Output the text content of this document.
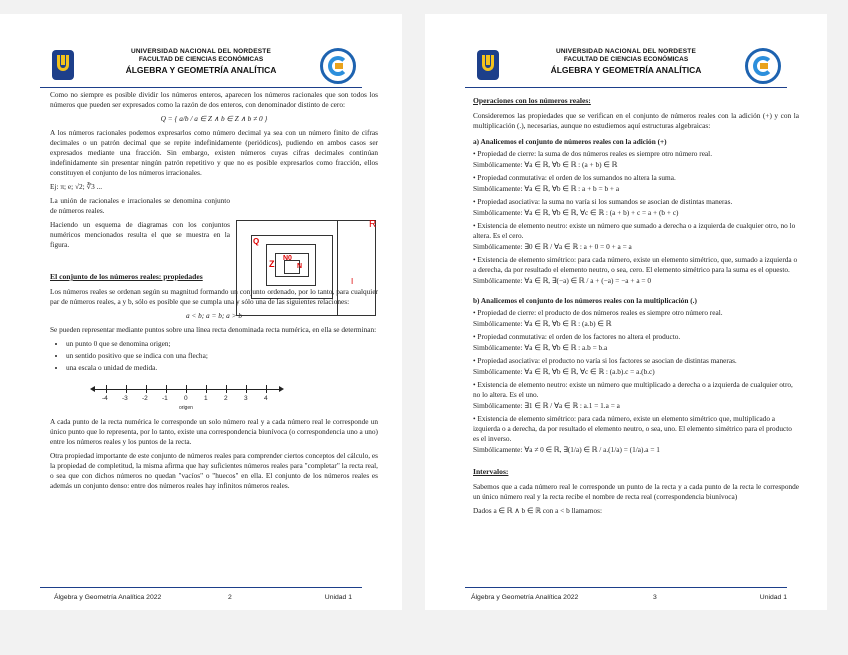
UNIVERSIDAD NACIONAL DEL NORDESTE
FACULTAD DE CIENCIAS ECONÓMICAS
ÁLGEBRA Y GEOMETRÍA ANALÍTICA

Como no siempre es posible dividir los números enteros, aparecen los números racionales que son todos los números que pueden ser expresados como la razón de dos enteros, con denominador distinto de cero:

Q = { a/b / a ∈ Z ∧ b ∈ Z ∧ b ≠ 0 }

A los números racionales podemos expresarlos como número decimal ya sea con un número finito de cifras decimales o un patrón decimal que se repite indefinidamente (periódicos), pudiendo en ambos casos ser expresados mediante una fracción. Sin embargo, existen números cuyas cifras decimales continúan indefinidamente sin presentar ningún patrón repetitivo y que no es posible expresarlos como fracción, ellos constituyen el conjunto de los números irracionales.

Ej: π; e; √2; ∛3 ...

La unión de racionales e irracionales se denomina conjunto de números reales.

Haciendo un esquema de diagramas con los conjuntos numéricos mencionados resulta el que se muestra en la figura.

El conjunto de los números reales: propiedades

Los números reales se ordenan según su magnitud formando un conjunto ordenado, por lo tanto, para cualquier par de números reales, a y b, sólo es posible que se cumpla una y sólo una de las siguientes relaciones:

a < b; a = b; a > b

Se pueden representar mediante puntos sobre una línea recta denominada recta numérica, en ella se determinan:

• un punto 0 que se denomina origen;
• un sentido positivo que se indica con una flecha;
• una escala o unidad de medida.
-4 -3 -2 -1 0	1	2	3	4
origen

A cada punto de la recta numérica le corresponde un solo número real y a cada número real le corresponde un único punto que lo representa, por lo tanto, existe una correspondencia biunívoca (o correspondencia uno a uno) entre los números reales y los puntos de la recta.

Otra propiedad importante de este conjunto de números reales para comprender ciertos conceptos del cálculo, es la propiedad de completitud, la misma afirma que hay suficientes números reales para "completar" la recta real, o sea que con dichos números no quedan "vacíos" o "huecos" en ella. El conjunto de los números reales es además un conjunto denso: entre dos números reales hay infinitos números reales.

R
Q
Z
N0
N
I
Álgebra y Geometría Analítica 2022	2	Unidad 1
UNIVERSIDAD NACIONAL DEL NORDESTE
FACULTAD DE CIENCIAS ECONÓMICAS
ÁLGEBRA Y GEOMETRÍA ANALÍTICA
Operaciones con los números reales:

Consideremos las propiedades que se verifican en el conjunto de números reales con la adición (+) y con la multiplicación (.), necesarias, aunque no estudiemos aquí estructuras algebraicas:

a) Analicemos el conjunto de números reales con la adición (+)
• Propiedad de cierre: la suma de dos números reales es siempre otro número real.
Simbólicamente: ∀a ∈ ℝ, ∀b ∈ ℝ : (a + b) ∈ ℝ
• Propiedad conmutativa: el orden de los sumandos no altera la suma.
Simbólicamente: ∀a ∈ ℝ, ∀b ∈ ℝ : a + b = b + a
• Propiedad asociativa: la suma no varía si los sumandos se asocian de distintas maneras.
Simbólicamente: ∀a ∈ ℝ, ∀b ∈ ℝ, ∀c ∈ ℝ : (a + b) + c = a + (b + c)
• Existencia de elemento neutro: existe un número que sumado a derecha o a izquierda de cualquier otro, no lo altera. Es el cero.
Simbólicamente: ∃0 ∈ ℝ / ∀a ∈ ℝ : a + 0 = 0 + a = a
• Existencia de elemento simétrico: para cada número, existe un elemento simétrico, que, sumado a izquierda o a derecha, da por resultado el elemento neutro, o sea, cero. El elemento simétrico para la suma es el opuesto.
Simbólicamente: ∀a ∈ ℝ, ∃(−a) ∈ ℝ / a + (−a) = −a + a = 0
b) Analicemos el conjunto de los números reales con la multiplicación (.)
• Propiedad de cierre: el producto de dos números reales es siempre otro número real.
Simbólicamente: ∀a ∈ ℝ, ∀b ∈ ℝ : (a.b) ∈ ℝ
• Propiedad conmutativa: el orden de los factores no altera el producto.
Simbólicamente: ∀a ∈ ℝ, ∀b ∈ ℝ : a.b = b.a
• Propiedad asociativa: el producto no varía si los factores se asocian de distintas maneras.
Simbólicamente: ∀a ∈ ℝ, ∀b ∈ ℝ, ∀c ∈ ℝ : (a.b).c = a.(b.c)
• Existencia de elemento neutro: existe un número que multiplicado a derecha o a izquierda de cualquier otro, no lo altera. Es el uno.
Simbólicamente: ∃1 ∈ ℝ / ∀a ∈ ℝ : a.1 = 1.a = a
• Existencia de elemento simétrico: para cada número, existe un elemento simétrico que, multiplicado a izquierda o a derecha, da por resultado el elemento neutro, o sea, uno. El elemento simétrico para el producto es el inverso.
Simbólicamente: ∀a ≠ 0 ∈ ℝ, ∃(1/a) ∈ ℝ / a.(1/a) = (1/a).a = 1
Intervalos:

Sabemos que a cada número real le corresponde un punto de la recta y a cada punto de la recta le corresponde un único número real y la recta recibe el nombre de recta real (correspondencia biunívoca)

Dados a ∈ ℝ ∧ b ∈ ℝ con a < b llamamos:

Álgebra y Geometría Analítica 2022	3	Unidad 1
